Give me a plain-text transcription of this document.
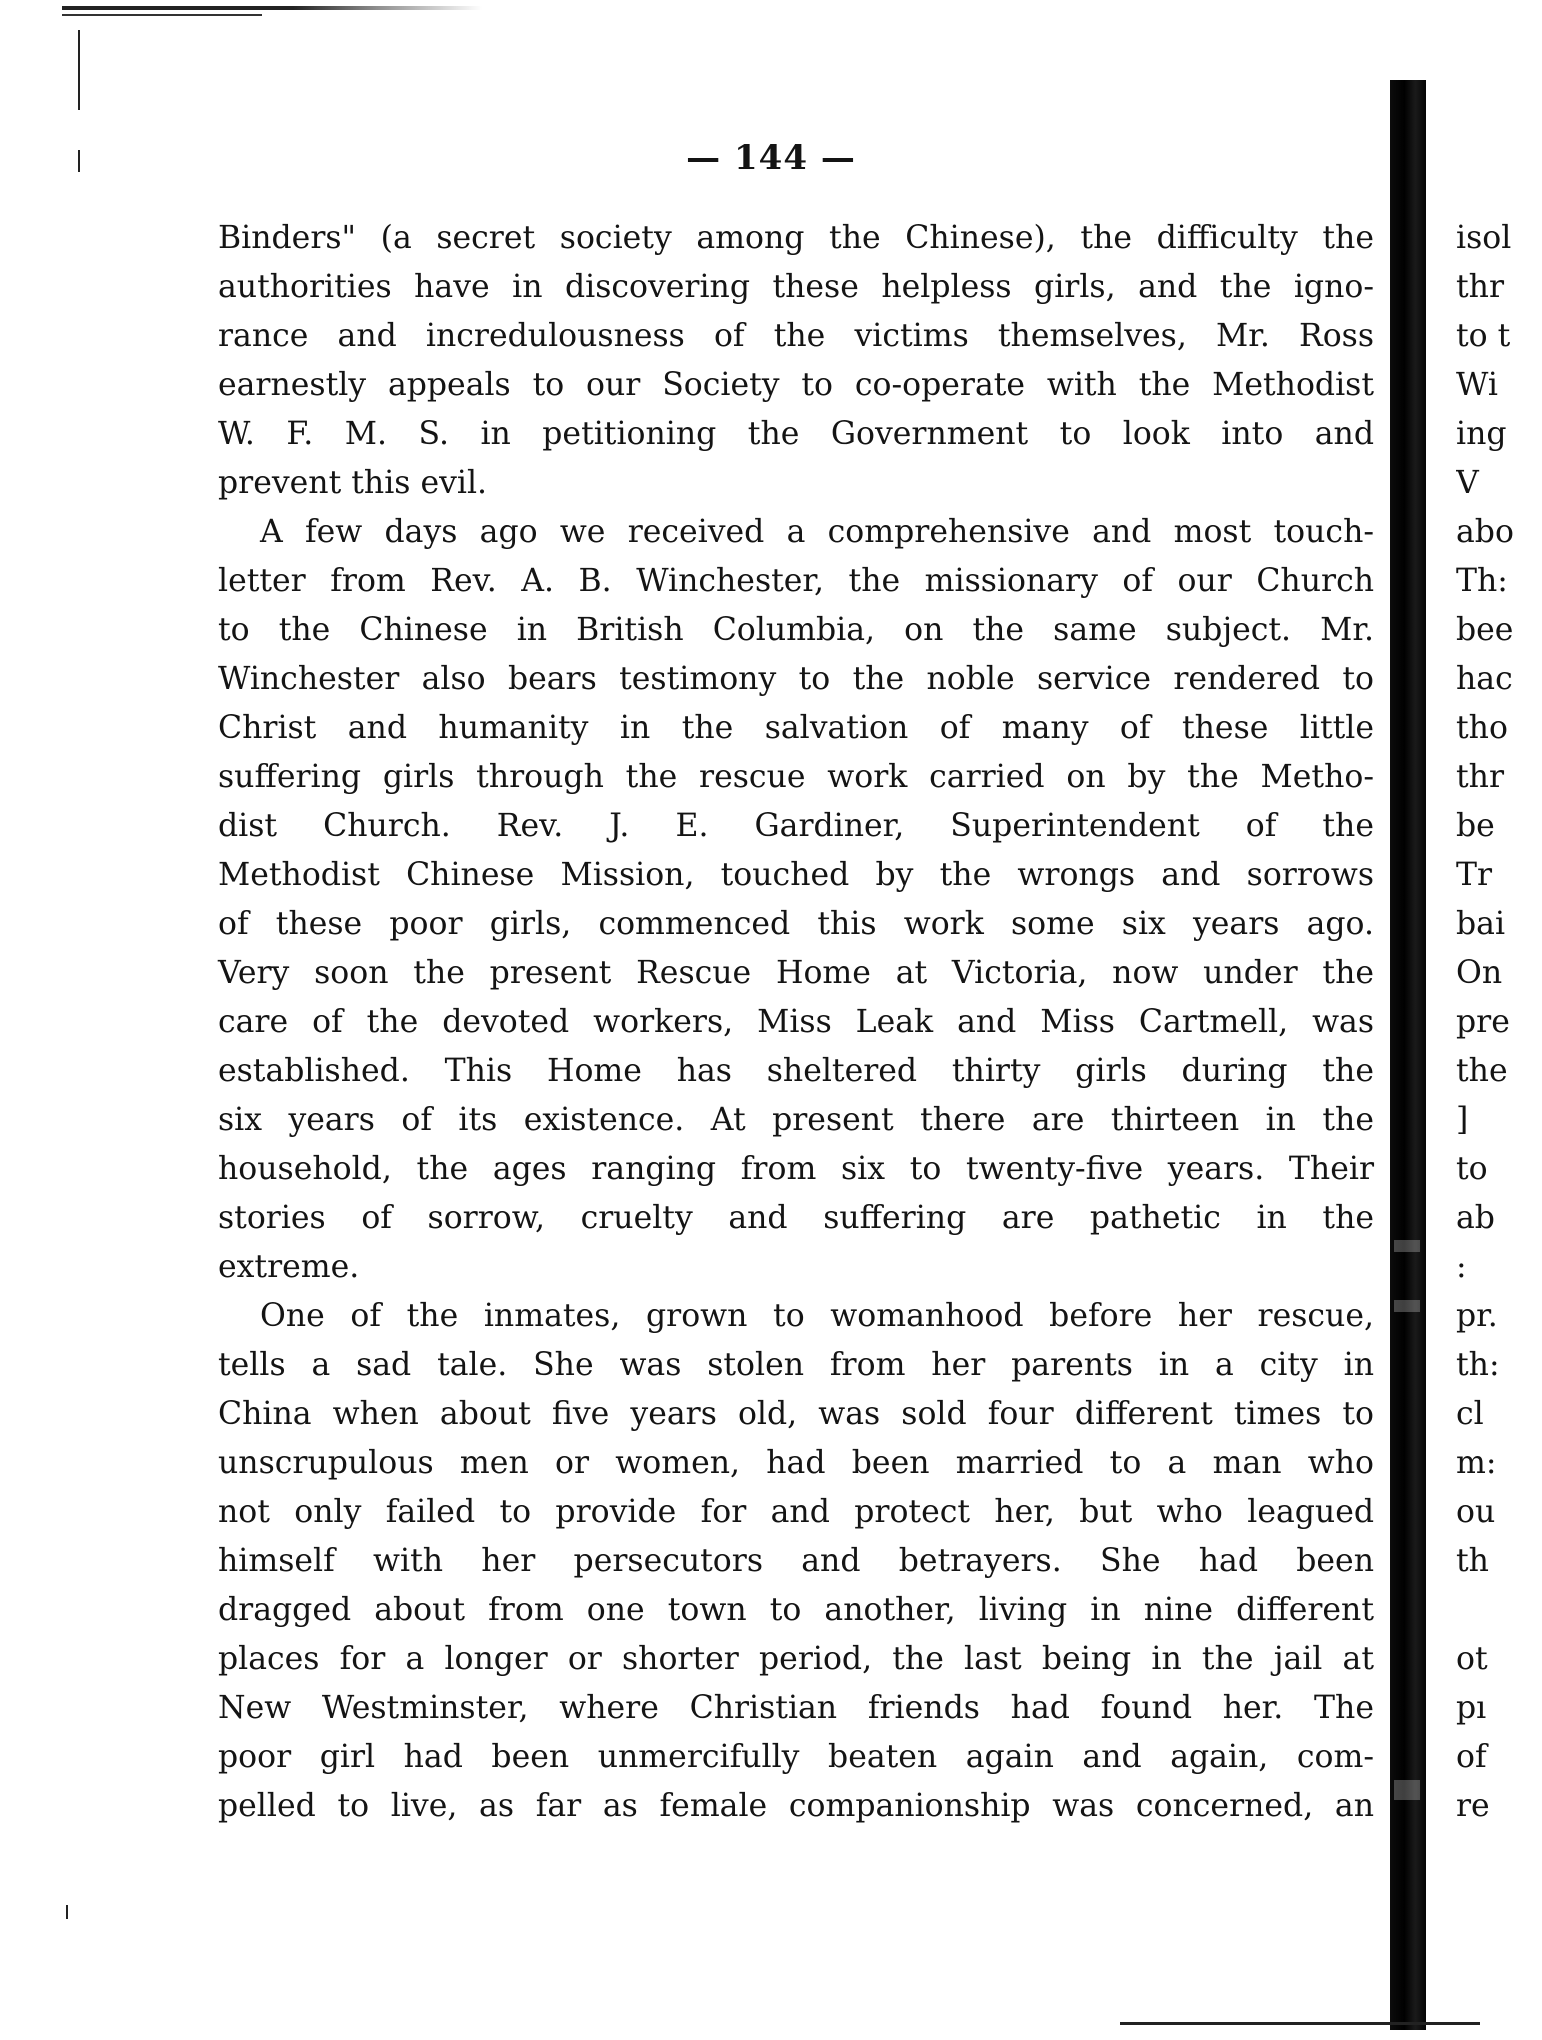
— 144 —
Binders" (a secret society among the Chinese), the difficulty the
authorities have in discovering these helpless girls, and the igno-
rance and incredulousness of the victims themselves, Mr. Ross
earnestly appeals to our Society to co-operate with the Methodist
W. F. M. S. in petitioning the Government to look into and
prevent this evil.
A few days ago we received a comprehensive and most touch-
letter from Rev. A. B. Winchester, the missionary of our Church
to the Chinese in British Columbia, on the same subject. Mr.
Winchester also bears testimony to the noble service rendered to
Christ and humanity in the salvation of many of these little
suffering girls through the rescue work carried on by the Metho-
dist Church. Rev. J. E. Gardiner, Superintendent of the
Methodist Chinese Mission, touched by the wrongs and sorrows
of these poor girls, commenced this work some six years ago.
Very soon the present Rescue Home at Victoria, now under the
care of the devoted workers, Miss Leak and Miss Cartmell, was
established. This Home has sheltered thirty girls during the
six years of its existence. At present there are thirteen in the
household, the ages ranging from six to twenty-five years. Their
stories of sorrow, cruelty and suffering are pathetic in the
extreme.
One of the inmates, grown to womanhood before her rescue,
tells a sad tale. She was stolen from her parents in a city in
China when about five years old, was sold four different times to
unscrupulous men or women, had been married to a man who
not only failed to provide for and protect her, but who leagued
himself with her persecutors and betrayers. She had been
dragged about from one town to another, living in nine different
places for a longer or shorter period, the last being in the jail at
New Westminster, where Christian friends had found her. The
poor girl had been unmercifully beaten again and again, com-
pelled to live, as far as female companionship was concerned, an
isol
thr
to t
Wi
ing
V
abo
Th:
bee
hac
tho
thr
be
Tr
bai
On
pre
the
]
to
ab
:
pr.
th:
cl
m:
ou
th
ot
pı
of
re
